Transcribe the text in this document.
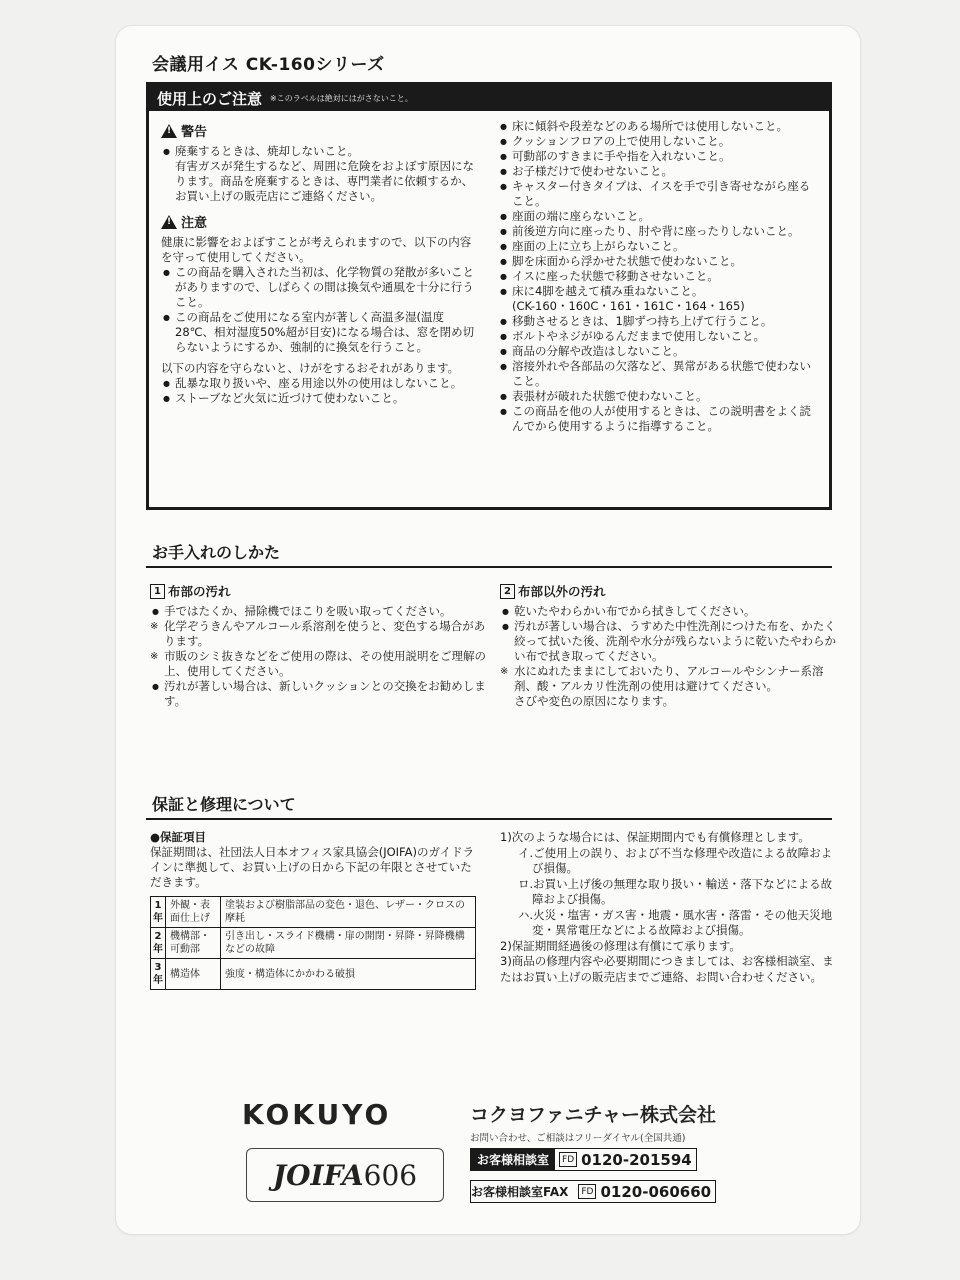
会議用イス CK-160シリーズ
使用上のご注意 ※このラベルは絶対にはがさないこと。
!
警告
● 廃棄するときは、焼却しないこと。
有害ガスが発生するなど、周囲に危険をおよぼす原因になります。商品を廃棄するときは、専門業者に依頼するか、お買い上げの販売店にご連絡ください。
!
注意

健康に影響をおよぼすことが考えられますので、以下の内容を守って使用してください。

● この商品を購入された当初は、化学物質の発散が多いことがありますので、しばらくの間は換気や通風を十分に行うこと。
● この商品をご使用になる室内が著しく高温多湿(温度28℃、相対湿度50%超が目安)になる場合は、窓を閉め切らないようにするか、強制的に換気を行うこと。

以下の内容を守らないと、けがをするおそれがあります。

● 乱暴な取り扱いや、座る用途以外の使用はしないこと。
● ストーブなど火気に近づけて使わないこと。
● 床に傾斜や段差などのある場所では使用しないこと。
● クッションフロアの上で使用しないこと。
● 可動部のすきまに手や指を入れないこと。
● お子様だけで使わせないこと。
● キャスター付きタイプは、イスを手で引き寄せながら座ること。
● 座面の端に座らないこと。
● 前後逆方向に座ったり、肘や背に座ったりしないこと。
● 座面の上に立ち上がらないこと。
● 脚を床面から浮かせた状態で使わないこと。
● イスに座った状態で移動させないこと。
● 床に4脚を越えて積み重ねないこと。
(CK-160・160C・161・161C・164・165)
● 移動させるときは、1脚ずつ持ち上げて行うこと。
● ボルトやネジがゆるんだままで使用しないこと。
● 商品の分解や改造はしないこと。
● 溶接外れや各部品の欠落など、異常がある状態で使わないこと。
● 表張材が破れた状態で使わないこと。
● この商品を他の人が使用するときは、この説明書をよく読んでから使用するように指導すること。
お手入れのしかた
1 布部の汚れ
● 手ではたくか、掃除機でほこりを吸い取ってください。
※ 化学ぞうきんやアルコール系溶剤を使うと、変色する場合があります。
※ 市販のシミ抜きなどをご使用の際は、その使用説明をご理解の上、使用してください。
● 汚れが著しい場合は、新しいクッションとの交換をお勧めします。
2 布部以外の汚れ
● 乾いたやわらかい布でから拭きしてください。
● 汚れが著しい場合は、うすめた中性洗剤につけた布を、かたく絞って拭いた後、洗剤や水分が残らないように乾いたやわらかい布で拭き取ってください。
※ 水にぬれたままにしておいたり、アルコールやシンナー系溶剤、酸・アルカリ性洗剤の使用は避けてください。
さびや変色の原因になります。
保証と修理について

●保証項目

保証期間は、社団法人日本オフィス家具協会(JOIFA)のガイドラインに準拠して、お買い上げの日から下記の年限とさせていただきます。

1年	外観・表面仕上げ	塗装および樹脂部品の変色・退色、レザー・クロスの摩耗
2年	機構部・可動部	引き出し・スライド機構・扉の開閉・昇降・昇降機構などの故障
3年	構造体	強度・構造体にかかわる破損

1)次のような場合には、保証期間内でも有償修理とします。

イ.ご使用上の誤り、および不当な修理や改造による故障および損傷。

ロ.お買い上げ後の無理な取り扱い・輸送・落下などによる故障および損傷。

ハ.火災・塩害・ガス害・地震・風水害・落雷・その他天災地変・異常電圧などによる故障および損傷。

2)保証期間経過後の修理は有償にて承ります。

3)商品の修理内容や必要期間につきましては、お客様相談室、またはお買い上げの販売店までご連絡、お問い合わせください。

KOKUYO	コクヨファニチャー株式会社
JOIFA 606
お問い合わせ、ご相談はフリーダイヤル(全国共通)
お客様相談室	FD 0120-201594
お客様相談室FAX	FD 0120-060660
